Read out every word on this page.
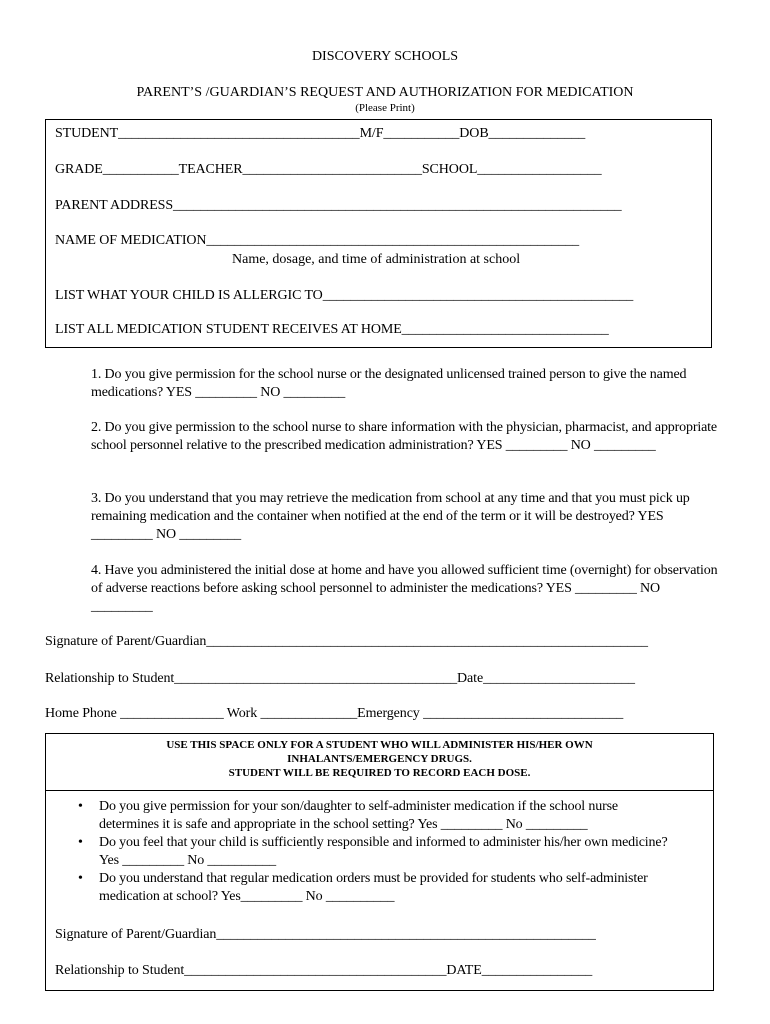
DISCOVERY SCHOOLS
PARENT’S /GUARDIAN’S REQUEST AND AUTHORIZATION FOR MEDICATION
(Please Print)
STUDENT___________________________________M/F___________DOB______________
GRADE___________TEACHER__________________________SCHOOL__________________
PARENT ADDRESS_________________________________________________________________
NAME OF MEDICATION______________________________________________________
Name, dosage, and time of administration at school
LIST WHAT YOUR CHILD IS ALLERGIC TO_____________________________________________
LIST ALL MEDICATION STUDENT RECEIVES AT HOME______________________________
1. Do you give permission for the school nurse or the designated unlicensed trained person to give the named medications? YES _________ NO _________
2. Do you give permission to the school nurse to share information with the physician, pharmacist, and appropriate school personnel relative to the prescribed medication administration? YES _________ NO _________
3. Do you understand that you may retrieve the medication from school at any time and that you must pick up remaining medication and the container when notified at the end of the term or it will be destroyed? YES _________ NO _________
4. Have you administered the initial dose at home and have you allowed sufficient time (overnight) for observation of adverse reactions before asking school personnel to administer the medications? YES _________ NO _________
Signature of Parent/Guardian________________________________________________________________
Relationship to Student_________________________________________Date______________________
Home Phone _______________ Work ______________Emergency _____________________________
USE THIS SPACE ONLY FOR A STUDENT WHO WILL ADMINISTER HIS/HER OWN
INHALANTS/EMERGENCY DRUGS.
STUDENT WILL BE REQUIRED TO RECORD EACH DOSE.

• Do you give permission for your son/daughter to self-administer medication if the school nurse determines it is safe and appropriate in the school setting? Yes _________ No _________

• Do you feel that your child is sufficiently responsible and informed to administer his/her own medicine? Yes _________ No __________

• Do you understand that regular medication orders must be provided for students who self-administer medication at school? Yes_________ No __________

Signature of Parent/Guardian_______________________________________________________
Relationship to Student______________________________________DATE________________
